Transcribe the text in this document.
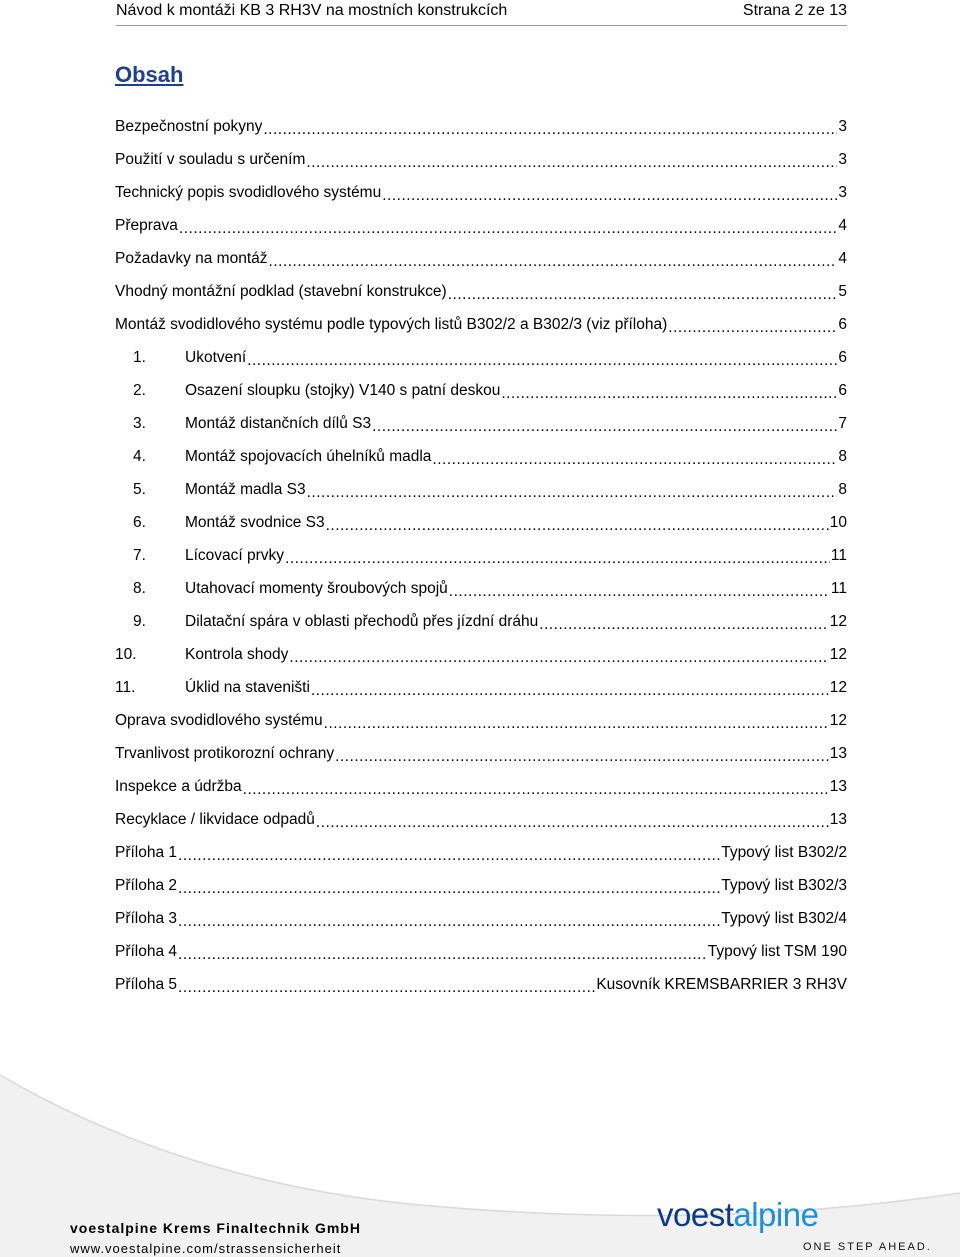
Návod k montáži KB 3 RH3V na mostních konstrukcích	Strana 2 ze 13
Obsah
Bezpečnostní pokyny .....	3
Použití v souladu s určením .....	3
Technický popis svodidlového systému .....	3
Přeprava .....	4
Požadavky na montáž .....	4
Vhodný montážní podklad (stavební konstrukce) .....	5
Montáž svodidlového systému podle typových listů B302/2 a B302/3 (viz příloha) .....	6
1.	Ukotvení .....	6
2.	Osazení sloupku (stojky) V140 s patní deskou .....	6
3.	Montáž distančních dílů S3 .....	7
4.	Montáž spojovacích úhelníků madla .....	8
5.	Montáž madla S3 .....	8
6.	Montáž svodnice S3 .....	10
7.	Lícovací prvky .....	11
8.	Utahovací momenty šroubových spojů .....	11
9.	Dilatační spára v oblasti přechodů přes jízdní dráhu .....	12
10.	Kontrola shody .....	12
11.	Úklid na staveništi .....	12
Oprava svodidlového systému .....	12
Trvanlivost protikorozní ochrany .....	13
Inspekce a údržba .....	13
Recyklace / likvidace odpadů .....	13
Příloha 1 .....	Typový list B302/2
Příloha 2 .....	Typový list B302/3
Příloha 3 .....	Typový list B302/4
Příloha 4 .....	Typový list TSM 190
Příloha 5 .....	Kusovník KREMSBARRIER 3 RH3V
voestalpine Krems Finaltechnik GmbH
www.voestalpine.com/strassensicherheit
voestalpine
ONE STEP AHEAD.
